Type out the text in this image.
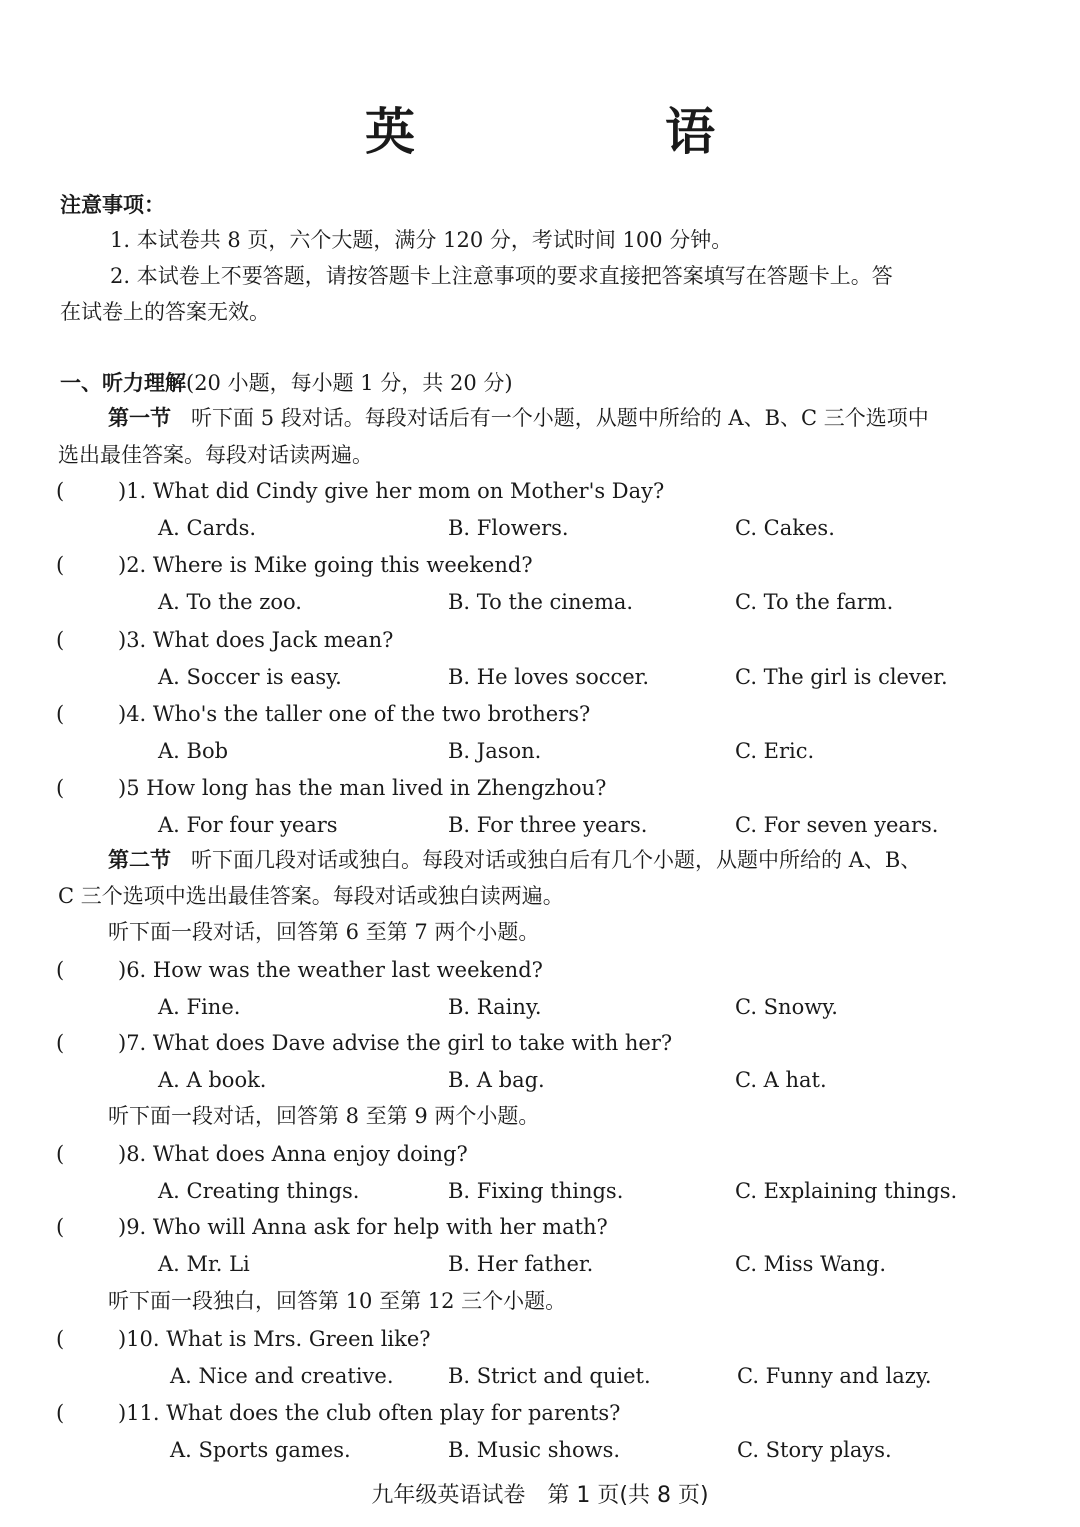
英　语
注意事项：
1. 本试卷共 8 页，六个大题，满分 120 分，考试时间 100 分钟。
2. 本试卷上不要答题，请按答题卡上注意事项的要求直接把答案填写在答题卡上。答
在试卷上的答案无效。
一、听力理解(20 小题，每小题 1 分，共 20 分)
第一节 听下面 5 段对话。每段对话后有一个小题，从题中所给的 A、B、C 三个选项中
选出最佳答案。每段对话读两遍。
(	)1. What did Cindy give her mom on Mother's Day?
A. Cards.	B. Flowers.	C. Cakes.
(	)2. Where is Mike going this weekend?
A. To the zoo.	B. To the cinema.	C. To the farm.
(	)3. What does Jack mean?
A. Soccer is easy.	B. He loves soccer.	C. The girl is clever.
(	)4. Who's the taller one of the two brothers?
A. Bob	B. Jason.	C. Eric.
(	)5 How long has the man lived in Zhengzhou?
A. For four years	B. For three years.	C. For seven years.
(	)6. How was the weather last weekend?
A. Fine.	B. Rainy.	C. Snowy.
(	)7. What does Dave advise the girl to take with her?
A. A book.	B. A bag.	C. A hat.
(	)8. What does Anna enjoy doing?
A. Creating things.	B. Fixing things.	C. Explaining things.
(	)9. Who will Anna ask for help with her math?
A. Mr. Li	B. Her father.	C. Miss Wang.
(	)10. What is Mrs. Green like?
A. Nice and creative.	B. Strict and quiet.	C. Funny and lazy.
(	)11. What does the club often play for parents?
A. Sports games.	B. Music shows.	C. Story plays.
第二节 听下面几段对话或独白。每段对话或独白后有几个小题，从题中所给的 A、B、
C 三个选项中选出最佳答案。每段对话或独白读两遍。
听下面一段对话，回答第 6 至第 7 两个小题。
听下面一段对话，回答第 8 至第 9 两个小题。
听下面一段独白，回答第 10 至第 12 三个小题。
九年级英语试卷　第 1 页(共 8 页)
